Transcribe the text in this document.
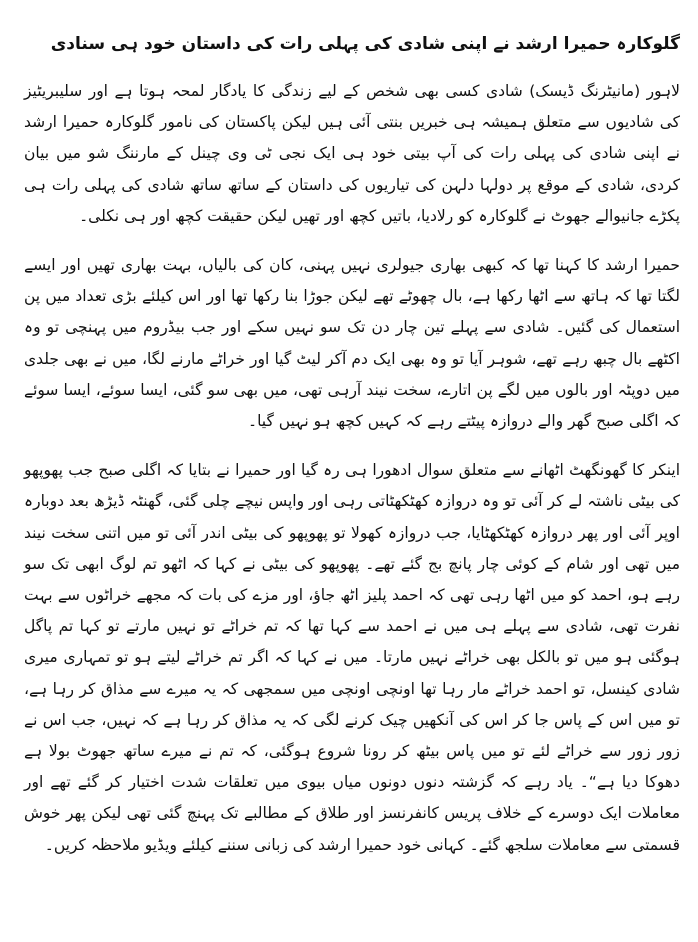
گلوکارہ حمیرا ارشد نے اپنی شادی کی پہلی رات کی داستان خود ہی سنادی

لاہور (مانیٹرنگ ڈیسک) شادی کسی بھی شخص کے لیے زندگی کا یادگار لمحہ ہوتا ہے اور سلیبریٹیز کی شادیوں سے متعلق ہمیشہ ہی خبریں بنتی آئی ہیں لیکن پاکستان کی نامور گلوکارہ حمیرا ارشد نے اپنی شادی کی پہلی رات کی آپ بیتی خود ہی ایک نجی ٹی وی چینل کے مارننگ شو میں بیان کردی، شادی کے موقع پر دولہا دلہن کی تیاریوں کی داستان کے ساتھ ساتھ شادی کی پہلی رات ہی پکڑے جانیوالے جھوٹ نے گلوکارہ کو رلادیا، باتیں کچھ اور تھیں لیکن حقیقت کچھ اور ہی نکلی۔

حمیرا ارشد کا کہنا تھا کہ کبھی بھاری جیولری نہیں پہنی، کان کی بالیاں، بہت بھاری تھیں اور ایسے لگتا تھا کہ ہاتھ سے اٹھا رکھا ہے، بال چھوٹے تھے لیکن جوڑا بنا رکھا تھا اور اس کیلئے بڑی تعداد میں پن استعمال کی گئیں۔ شادی سے پہلے تین چار دن تک سو نہیں سکے اور جب بیڈروم میں پہنچی تو وہ اکٹھے بال چبھ رہے تھے، شوہر آیا تو وہ بھی ایک دم آکر لیٹ گیا اور خراٹے مارنے لگا، میں نے بھی جلدی میں دوپٹہ اور بالوں میں لگے پن اتارے، سخت نیند آرہی تھی، میں بھی سو گئی، ایسا سوئے، ایسا سوئے کہ اگلی صبح گھر والے دروازہ پیٹتے رہے کہ کہیں کچھ ہو نہیں گیا۔

اینکر کا گھونگھٹ اٹھانے سے متعلق سوال ادھورا ہی رہ گیا اور حمیرا نے بتایا کہ اگلی صبح جب پھوپھو کی بیٹی ناشتہ لے کر آئی تو وہ دروازہ کھٹکھٹاتی رہی اور واپس نیچے چلی گئی، گھنٹہ ڈیڑھ بعد دوبارہ اوپر آئی اور پھر دروازہ کھٹکھٹایا، جب دروازہ کھولا تو پھوپھو کی بیٹی اندر آئی تو میں اتنی سخت نیند میں تھی اور شام کے کوئی چار پانچ بج گئے تھے۔ پھوپھو کی بیٹی نے کہا کہ اٹھو تم لوگ ابھی تک سو رہے ہو، احمد کو میں اٹھا رہی تھی کہ احمد پلیز اٹھ جاؤ، اور مزے کی بات کہ مجھے خراٹوں سے بہت نفرت تھی، شادی سے پہلے ہی میں نے احمد سے کہا تھا کہ تم خراٹے تو نہیں مارتے تو کہا تم پاگل ہوگئی ہو میں تو بالکل بھی خراٹے نہیں مارتا۔ میں نے کہا کہ اگر تم خراٹے لیتے ہو تو تمہاری میری شادی کینسل، تو احمد خراٹے مار رہا تھا اونچی اونچی میں سمجھی کہ یہ میرے سے مذاق کر رہا ہے، تو میں اس کے پاس جا کر اس کی آنکھیں چیک کرنے لگی کہ یہ مذاق کر رہا ہے کہ نہیں، جب اس نے زور زور سے خراٹے لئے تو میں پاس بیٹھ کر رونا شروع ہوگئی، کہ تم نے میرے ساتھ جھوٹ بولا ہے دھوکا دیا ہے“۔ یاد رہے کہ گزشتہ دنوں دونوں میاں بیوی میں تعلقات شدت اختیار کر گئے تھے اور معاملات ایک دوسرے کے خلاف پریس کانفرنسز اور طلاق کے مطالبے تک پہنچ گئی تھی لیکن پھر خوش قسمتی سے معاملات سلجھ گئے۔ کہانی خود حمیرا ارشد کی زبانی سننے کیلئے ویڈیو ملاحظہ کریں۔
